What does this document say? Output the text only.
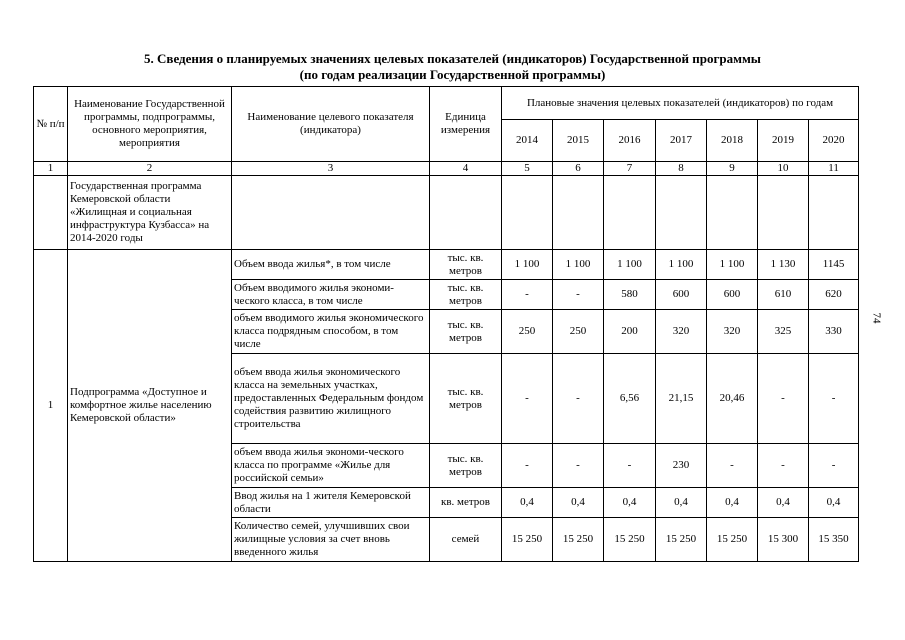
5. Сведения о планируемых значениях целевых показателей (индикаторов) Государственной программы
(по годам реализации Государственной программы)
74
№ п/п	Наименование Государственной программы, подпрограммы, основного мероприятия, мероприятия	Наименование целевого показателя (индикатора)	Единица измерения	Плановые значения целевых показателей (индикаторов) по годам						
				2014	2015	2016	2017	2018	2019	2020
1	2	3	4	5	6	7	8	9	10	11
	Государственная программа Кемеровской области «Жилищная и социальная инфраструктура Кузбасса» на 2014-2020 годы									
1	Подпрограмма «Доступное и комфортное жилье населению Кемеровской области»	Объем ввода жилья*, в том числе	тыс. кв. метров	1 100	1 100	1 100	1 100	1 100	1 130	1145
		Объем вводимого жилья экономи-ческого класса, в том числе	тыс. кв. метров	-	-	580	600	600	610	620
		объем вводимого жилья экономического класса подрядным способом, в том числе	тыс. кв. метров	250	250	200	320	320	325	330
		объем ввода жилья экономического класса на земельных участках, предоставленных Федеральным фондом содействия развитию жилищного строительства	тыс. кв. метров	-	-	6,56	21,15	20,46	-	-
		объем ввода жилья экономи-ческого класса по программе «Жилье для российской семьи»	тыс. кв. метров	-	-	-	230	-	-	-
		Ввод жилья на 1 жителя Кемеровской области	кв. метров	0,4	0,4	0,4	0,4	0,4	0,4	0,4
		Количество семей, улучшивших свои жилищные условия за счет вновь введенного жилья	семей	15 250	15 250	15 250	15 250	15 250	15 300	15 350
